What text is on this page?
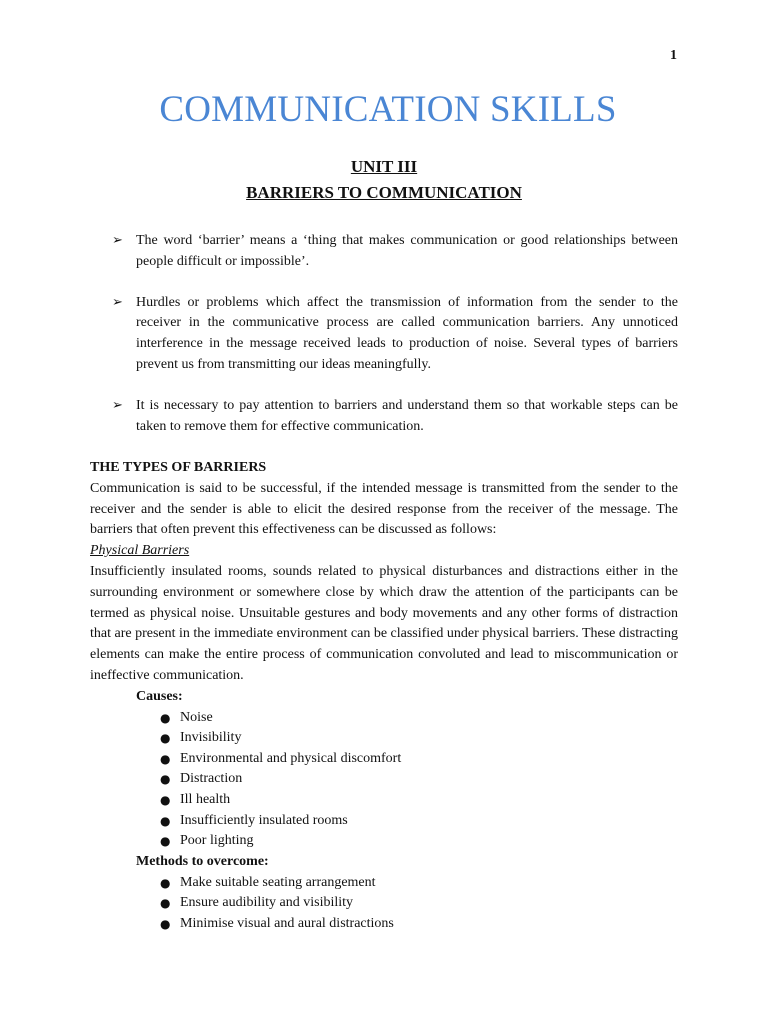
1
COMMUNICATION SKILLS
UNIT III
BARRIERS TO COMMUNICATION
➢ The word ‘barrier’ means a ‘thing that makes communication or good relationships between people difficult or impossible’.
➢ Hurdles or problems which affect the transmission of information from the sender to the receiver in the communicative process are called communication barriers. Any unnoticed interference in the message received leads to production of noise. Several types of barriers prevent us from transmitting our ideas meaningfully.
➢ It is necessary to pay attention to barriers and understand them so that workable steps can be taken to remove them for effective communication.
THE TYPES OF BARRIERS

Communication is said to be successful, if the intended message is transmitted from the sender to the receiver and the sender is able to elicit the desired response from the receiver of the message. The barriers that often prevent this effectiveness can be discussed as follows:

Physical Barriers

Insufficiently insulated rooms, sounds related to physical disturbances and distractions either in the surrounding environment or somewhere close by which draw the attention of the participants can be termed as physical noise. Unsuitable gestures and body movements and any other forms of distraction that are present in the immediate environment can be classified under physical barriers. These distracting elements can make the entire process of communication convoluted and lead to miscommunication or ineffective communication.

Causes:
● Noise
● Invisibility
● Environmental and physical discomfort
● Distraction
● Ill health
● Insufficiently insulated rooms
● Poor lighting
Methods to overcome:
● Make suitable seating arrangement
● Ensure audibility and visibility
● Minimise visual and aural distractions
